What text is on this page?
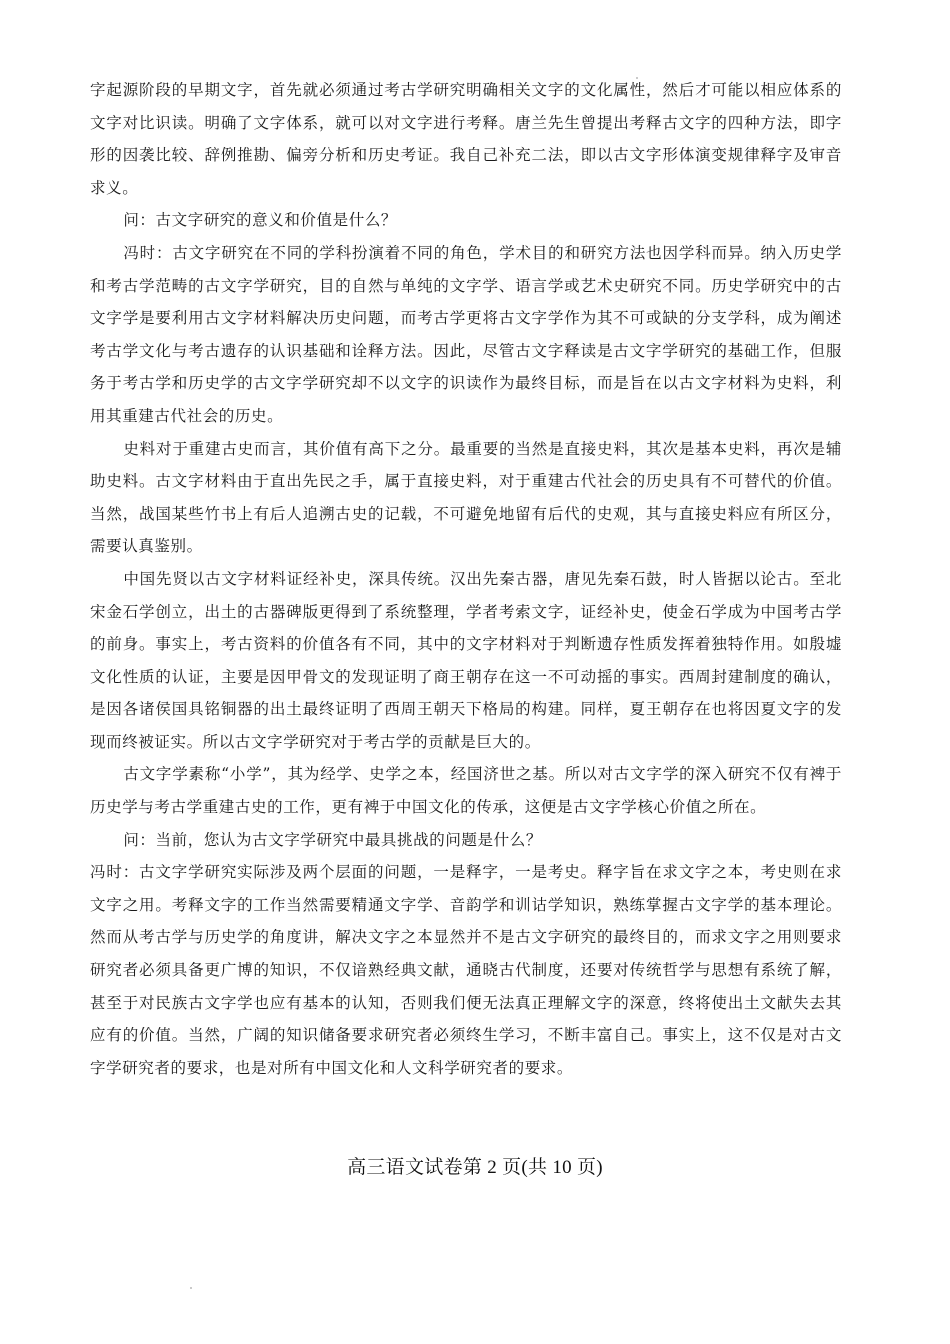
字起源阶段的早期文字，首先就必须通过考古学研究明确相关文字的文化属性，然后才可能以相应体系的文字对比识读。明确了文字体系，就可以对文字进行考释。唐兰先生曾提出考释古文字的四种方法，即字形的因袭比较、辞例推勘、偏旁分析和历史考证。我自己补充二法，即以古文字形体演变规律释字及审音求义。

问：古文字研究的意义和价值是什么？

冯时：古文字研究在不同的学科扮演着不同的角色，学术目的和研究方法也因学科而异。纳入历史学和考古学范畴的古文字学研究，目的自然与单纯的文字学、语言学或艺术史研究不同。历史学研究中的古文字学是要利用古文字材料解决历史问题，而考古学更将古文字学作为其不可或缺的分支学科，成为阐述考古学文化与考古遗存的认识基础和诠释方法。因此，尽管古文字释读是古文字学研究的基础工作，但服务于考古学和历史学的古文字学研究却不以文字的识读作为最终目标，而是旨在以古文字材料为史料，利用其重建古代社会的历史。

史料对于重建古史而言，其价值有高下之分。最重要的当然是直接史料，其次是基本史料，再次是辅助史料。古文字材料由于直出先民之手，属于直接史料，对于重建古代社会的历史具有不可替代的价值。当然，战国某些竹书上有后人追溯古史的记载，不可避免地留有后代的史观，其与直接史料应有所区分，需要认真鉴别。

中国先贤以古文字材料证经补史，深具传统。汉出先秦古器，唐见先秦石鼓，时人皆据以论古。至北宋金石学创立，出土的古器碑版更得到了系统整理，学者考索文字，证经补史，使金石学成为中国考古学的前身。事实上，考古资料的价值各有不同，其中的文字材料对于判断遗存性质发挥着独特作用。如殷墟文化性质的认证，主要是因甲骨文的发现证明了商王朝存在这一不可动摇的事实。西周封建制度的确认，是因各诸侯国具铭铜器的出土最终证明了西周王朝天下格局的构建。同样，夏王朝存在也将因夏文字的发现而终被证实。所以古文字学研究对于考古学的贡献是巨大的。

古文字学素称“小学”，其为经学、史学之本，经国济世之基。所以对古文字学的深入研究不仅有裨于历史学与考古学重建古史的工作，更有裨于中国文化的传承，这便是古文字学核心价值之所在。

问：当前，您认为古文字学研究中最具挑战的问题是什么？

冯时：古文字学研究实际涉及两个层面的问题，一是释字，一是考史。释字旨在求文字之本，考史则在求文字之用。考释文字的工作当然需要精通文字学、音韵学和训诂学知识，熟练掌握古文字学的基本理论。然而从考古学与历史学的角度讲，解决文字之本显然并不是古文字研究的最终目的，而求文字之用则要求研究者必须具备更广博的知识，不仅谙熟经典文献，通晓古代制度，还要对传统哲学与思想有系统了解，甚至于对民族古文字学也应有基本的认知，否则我们便无法真正理解文字的深意，终将使出土文献失去其应有的价值。当然，广阔的知识储备要求研究者必须终生学习，不断丰富自己。事实上，这不仅是对古文字学研究者的要求，也是对所有中国文化和人文科学研究者的要求。

高三语文试卷第 2 页(共 10 页)
